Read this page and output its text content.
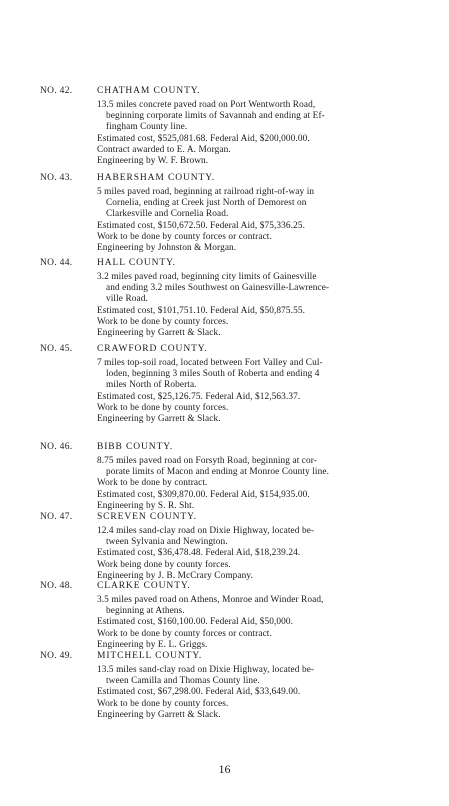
NO. 42.	CHATHAM COUNTY.
13.5 miles concrete paved road on Port Wentworth Road,
beginning corporate limits of Savannah and ending at Ef-
fingham County line.
Estimated cost, $525,081.68. Federal Aid, $200,000.00.
Contract awarded to E. A. Morgan.
Engineering by W. F. Brown.
NO. 43.	HABERSHAM COUNTY.
5 miles paved road, beginning at railroad right-of-way in
Cornelia, ending at Creek just North of Demorest on
Clarkesville and Cornelia Road.
Estimated cost, $150,672.50. Federal Aid, $75,336.25.
Work to be done by county forces or contract.
Engineering by Johnston & Morgan.
NO. 44.	HALL COUNTY.
3.2 miles paved road, beginning city limits of Gainesville
and ending 3.2 miles Southwest on Gainesville-Lawrence-
ville Road.
Estimated cost, $101,751.10. Federal Aid, $50,875.55.
Work to be done by county forces.
Engineering by Garrett & Slack.
NO. 45.	CRAWFORD COUNTY.
7 miles top-soil road, located between Fort Valley and Cul-
loden, beginning 3 miles South of Roberta and ending 4
miles North of Roberta.
Estimated cost, $25,126.75. Federal Aid, $12,563.37.
Work to be done by county forces.
Engineering by Garrett & Slack.
NO. 46.	BIBB COUNTY.
8.75 miles paved road on Forsyth Road, beginning at cor-
porate limits of Macon and ending at Monroe County line.
Work to be done by contract.
Estimated cost, $309,870.00. Federal Aid, $154,935.00.
Engineering by S. R. Sht.
NO. 47.	SCREVEN COUNTY.
12.4 miles sand-clay road on Dixie Highway, located be-
tween Sylvania and Newington.
Estimated cost, $36,478.48. Federal Aid, $18,239.24.
Work being done by county forces.
Engineering by J. B. McCrary Company.
NO. 48.	CLARKE COUNTY.
3.5 miles paved road on Athens, Monroe and Winder Road,
beginning at Athens.
Estimated cost, $160,100.00. Federal Aid, $50,000.
Work to be done by county forces or contract.
Engineering by E. L. Griggs.
NO. 49.	MITCHELL COUNTY.
13.5 miles sand-clay road on Dixie Highway, located be-
tween Camilla and Thomas County line.
Estimated cost, $67,298.00. Federal Aid, $33,649.00.
Work to be done by county forces.
Engineering by Garrett & Slack.
16
